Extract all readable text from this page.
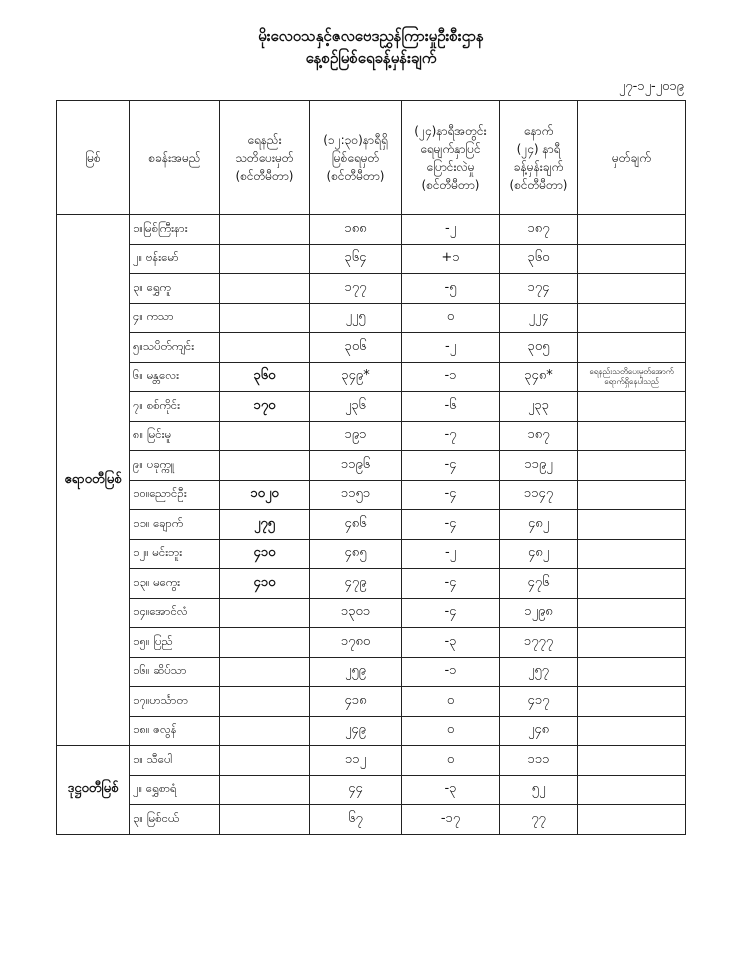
မိုးလေဝသနှင့်ဇလဗေဒညွှန်ကြားမှုဦးစီးဌာန
နေ့စဉ်မြစ်ရေခန့်မှန်းချက်
၂၇-၁၂-၂၀၁၉
မြစ်	စခန်းအမည်	ရေနည်း
သတိပေးမှတ်
(စင်တီမီတာ)	(၁၂:၃၀)နာရီရှိ
မြစ်ရေမှတ်
(စင်တီမီတာ)	(၂၄)နာရီအတွင်း
ရေမျက်နှာပြင်
ပြောင်းလဲမှု
(စင်တီမီတာ)	နောက်
(၂၄) နာရီ
ခန့်မှန်းချက်
(စင်တီမီတာ)	မှတ်ချက်
ဧရာဝတီမြစ်	၁။မြစ်ကြီးနား		၁၈၈	-၂	၁၈၇	
	၂။ ဗန်းမော်		၃၆၄	+၁	၃၆၀	
	၃။ ရွှေကူ		၁၇၇	-၅	၁၇၄	
	၄။ ကသာ		၂၂၅	၀	၂၂၄	
	၅။သပိတ်ကျင်း		၃၀၆	-၂	၃၀၅	
	၆။ မန္တလေး	၃၆၀	၃၄၉*	-၁	၃၄၈*	ရေနည်းသတိပေးမှတ်အောက်
ရောက်ရှိနေပါသည်
	၇။ စစ်ကိုင်း	၁၇၀	၂၃၆	-၆	၂၃၃	
	၈။ မြင်းမူ		၁၉၁	-၇	၁၈၇	
	၉။ ပခုက္ကူ		၁၁၉၆	-၄	၁၁၉၂	
	၁၀။ညောင်ဦး	၁၀၂၀	၁၁၅၁	-၄	၁၁၄၇	
	၁၁။ ချောက်	၂၇၅	၄၈၆	-၄	၄၈၂	
	၁၂။ မင်းဘူး	၄၁၀	၄၈၅	-၂	၄၈၂	
	၁၃။ မကွေး	၄၁၀	၄၇၉	-၄	၄၇၆	
	၁၄။အောင်လံ		၁၃၀၁	-၄	၁၂၉၈	
	၁၅။ ပြည်		၁၇၈၀	-၃	၁၇၇၇	
	၁၆။ ဆိပ်သာ		၂၅၉	-၁	၂၅၇	
	၁၇။ဟင်္သာတ		၄၁၈	၀	၄၁၇	
	၁၈။ ဇလွန်		၂၄၉	၀	၂၄၈	
ဒုဋ္ဌဝတီမြစ်	၁။ သီပေါ		၁၁၂	၀	၁၁၁	
	၂။ ရွှေစာရံ		၄၄	-၃	၅၂	
	၃။ မြစ်ငယ်		၆၇	-၁၇	၇၇	
